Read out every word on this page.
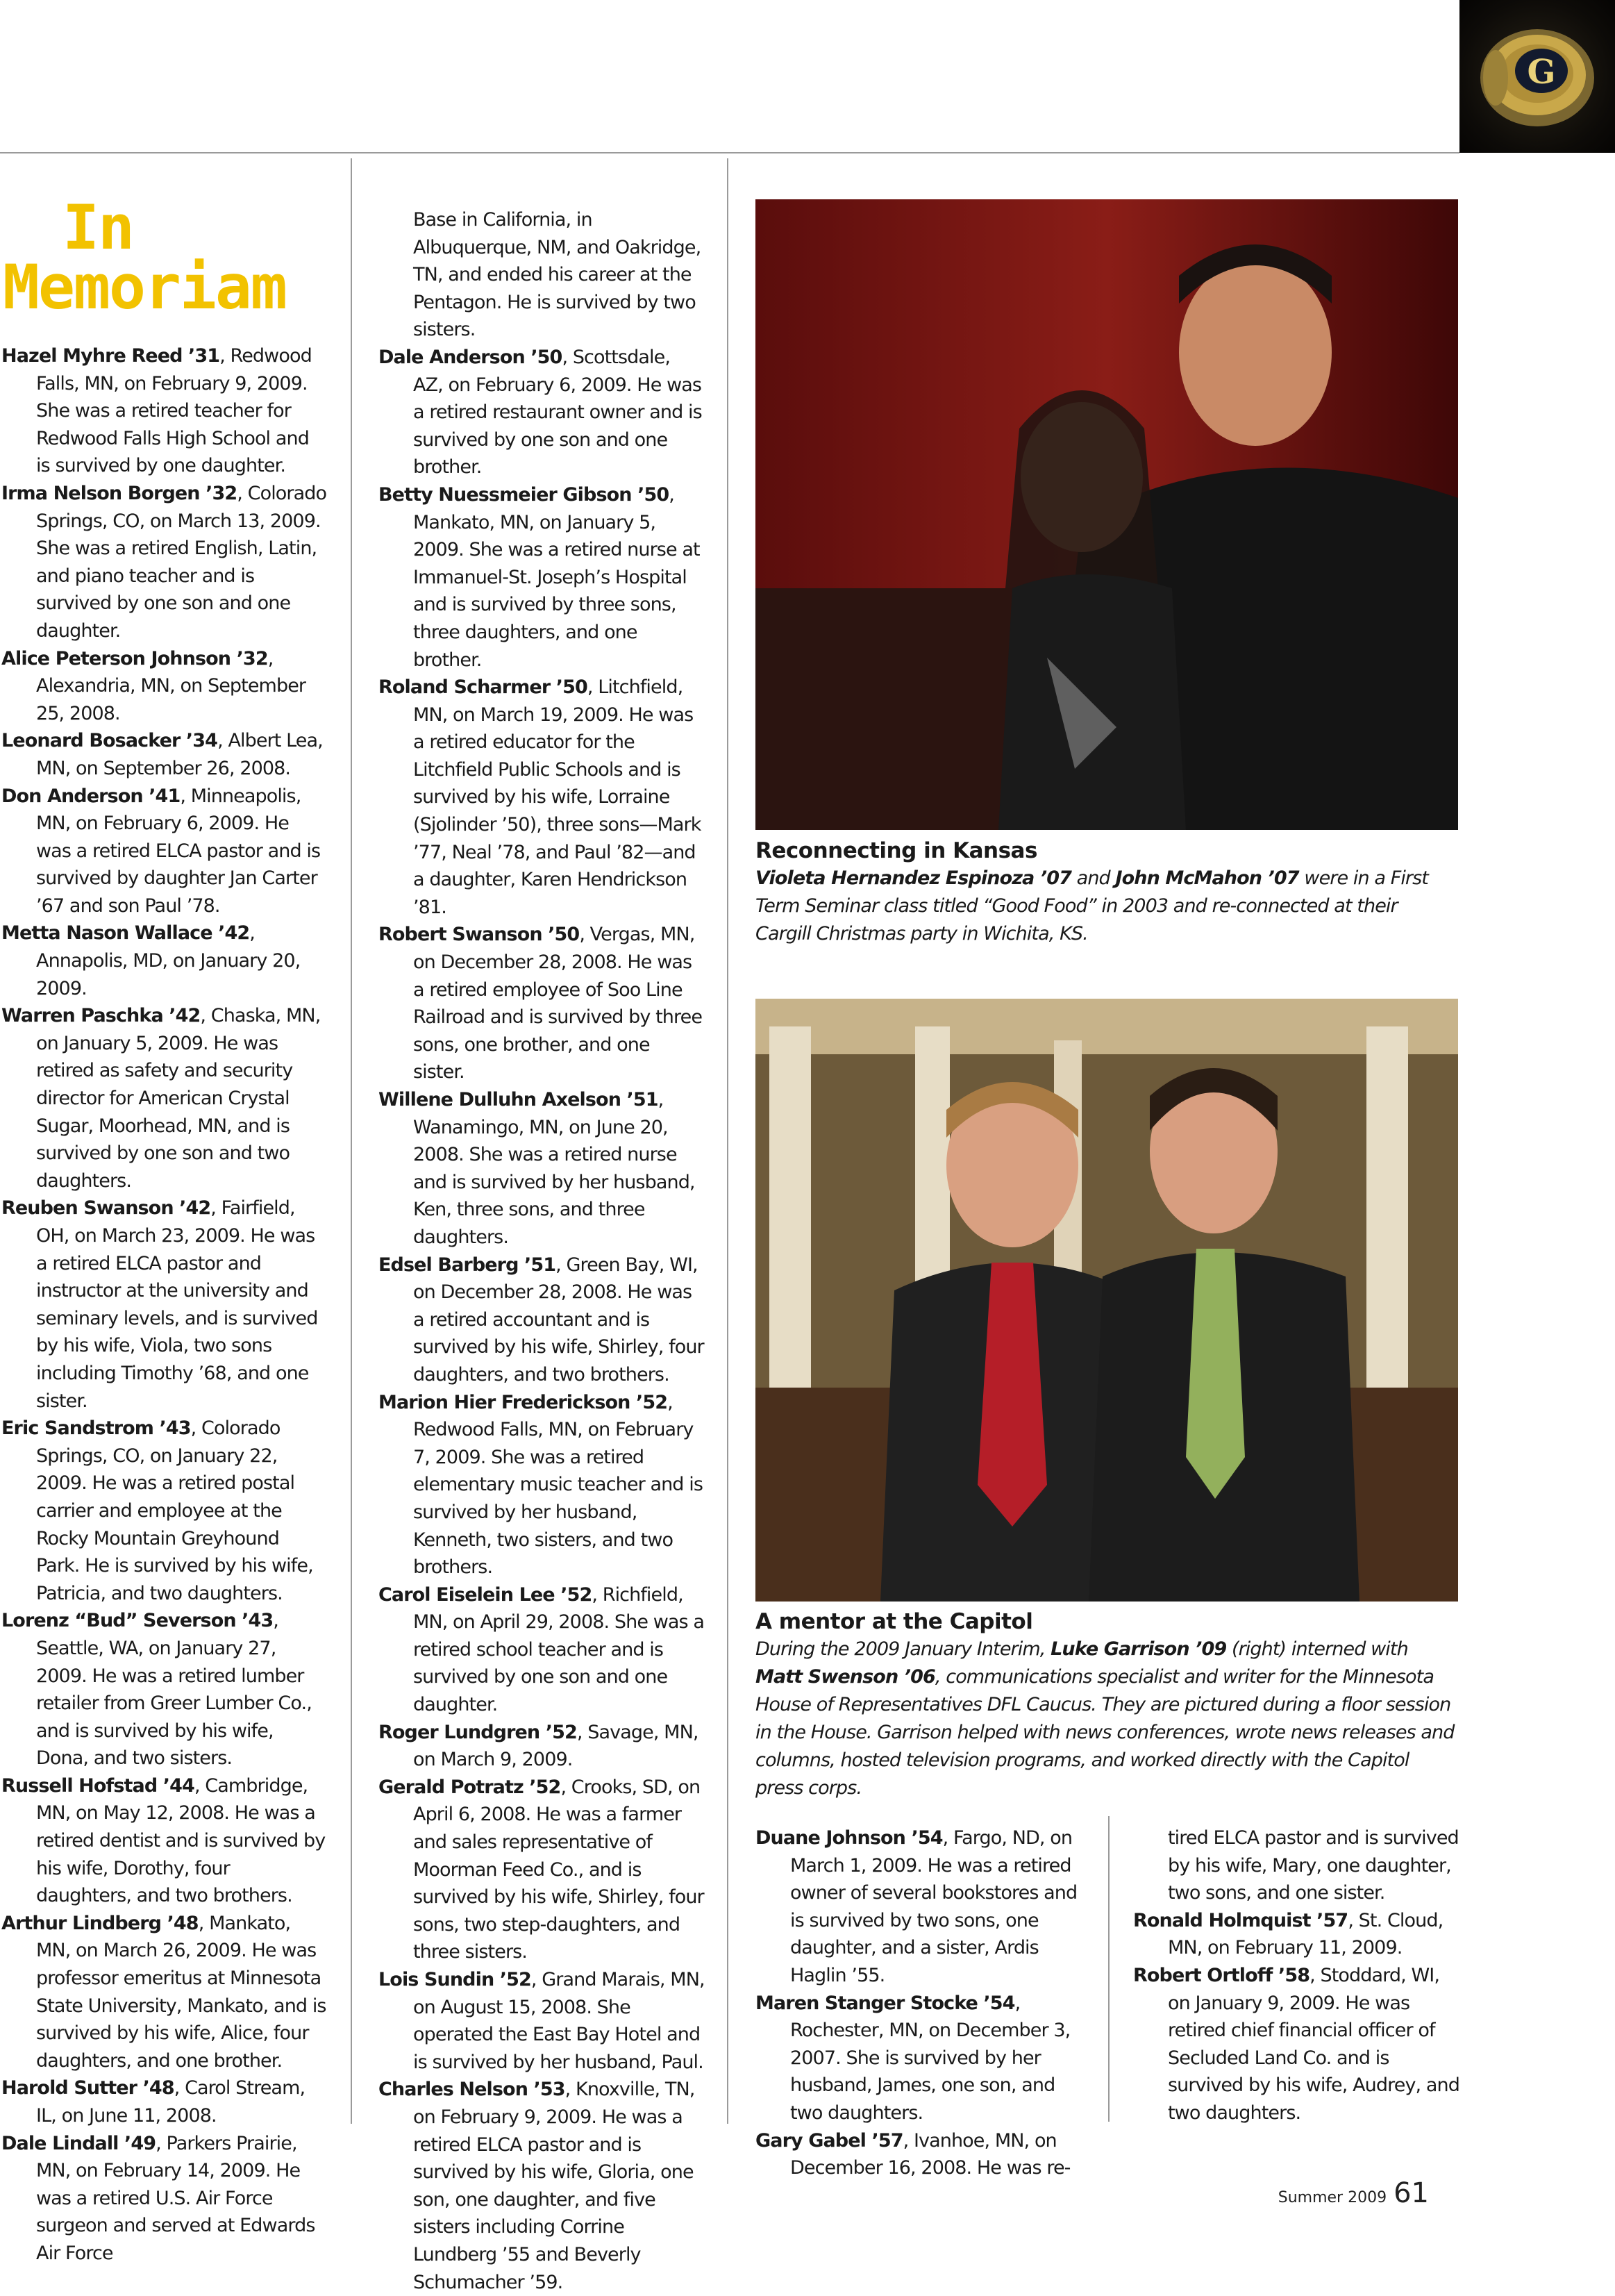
G
In
Memoriam

Hazel Myhre Reed ’31, Redwood Falls, MN, on February 9, 2009. She was a retired teacher for Redwood Falls High School and is survived by one daughter.

Irma Nelson Borgen ’32, Colorado Springs, CO, on March 13, 2009. She was a retired English, Latin, and piano teacher and is survived by one son and one daughter.

Alice Peterson Johnson ’32, Alexandria, MN, on September 25, 2008.

Leonard Bosacker ’34, Albert Lea, MN, on September 26, 2008.

Don Anderson ’41, Minneapolis, MN, on February 6, 2009. He was a retired ELCA pastor and is survived by daughter Jan Carter ’67 and son Paul ’78.

Metta Nason Wallace ’42, Annapolis, MD, on January 20, 2009.

Warren Paschka ’42, Chaska, MN, on January 5, 2009. He was retired as safety and security director for American Crystal Sugar, Moorhead, MN, and is survived by one son and two daughters.

Reuben Swanson ’42, Fairfield, OH, on March 23, 2009. He was a retired ELCA pastor and instructor at the university and seminary levels, and is survived by his wife, Viola, two sons including Timothy ’68, and one sister.

Eric Sandstrom ’43, Colorado Springs, CO, on January 22, 2009. He was a retired postal carrier and employee at the Rocky Mountain Greyhound Park. He is survived by his wife, Patricia, and two daughters.

Lorenz “Bud” Severson ’43, Seattle, WA, on January 27, 2009. He was a retired lumber retailer from Greer Lumber Co., and is survived by his wife, Dona, and two sisters.

Russell Hofstad ’44, Cambridge, MN, on May 12, 2008. He was a retired dentist and is survived by his wife, Dorothy, four daughters, and two brothers.

Arthur Lindberg ’48, Mankato, MN, on March 26, 2009. He was professor emeritus at Minnesota State University, Mankato, and is survived by his wife, Alice, four daughters, and one brother.

Harold Sutter ’48, Carol Stream, IL, on June 11, 2008.

Dale Lindall ’49, Parkers Prairie, MN, on February 14, 2009. He was a retired U.S. Air Force surgeon and served at Edwards Air Force

Base in California, in Albuquerque, NM, and Oakridge, TN, and ended his career at the Pentagon. He is survived by two sisters.

Dale Anderson ’50, Scottsdale, AZ, on February 6, 2009. He was a retired restaurant owner and is survived by one son and one brother.

Betty Nuessmeier Gibson ’50, Mankato, MN, on January 5, 2009. She was a retired nurse at Immanuel-St. Joseph’s Hospital and is survived by three sons, three daughters, and one brother.

Roland Scharmer ’50, Litchfield, MN, on March 19, 2009. He was a retired educator for the Litchfield Public Schools and is survived by his wife, Lorraine (Sjolinder ’50), three sons—Mark ’77, Neal ’78, and Paul ’82—and a daughter, Karen Hendrickson ’81.

Robert Swanson ’50, Vergas, MN, on December 28, 2008. He was a retired employee of Soo Line Railroad and is survived by three sons, one brother, and one sister.

Willene Dulluhn Axelson ’51, Wanamingo, MN, on June 20, 2008. She was a retired nurse and is survived by her husband, Ken, three sons, and three daughters.

Edsel Barberg ’51, Green Bay, WI, on December 28, 2008. He was a retired accountant and is survived by his wife, Shirley, four daughters, and two brothers.

Marion Hier Frederickson ’52, Redwood Falls, MN, on February 7, 2009. She was a retired elementary music teacher and is survived by her husband, Kenneth, two sisters, and two brothers.

Carol Eiselein Lee ’52, Richfield, MN, on April 29, 2008. She was a retired school teacher and is survived by one son and one daughter.

Roger Lundgren ’52, Savage, MN, on March 9, 2009.

Gerald Potratz ’52, Crooks, SD, on April 6, 2008. He was a farmer and sales representative of Moorman Feed Co., and is survived by his wife, Shirley, four sons, two step-daughters, and three sisters.

Lois Sundin ’52, Grand Marais, MN, on August 15, 2008. She operated the East Bay Hotel and is survived by her husband, Paul.

Charles Nelson ’53, Knoxville, TN, on February 9, 2009. He was a retired ELCA pastor and is survived by his wife, Gloria, one son, one daughter, and five sisters including Corrine Lundberg ’55 and Beverly Schumacher ’59.

Duane Johnson ’54, Fargo, ND, on March 1, 2009. He was a retired owner of several bookstores and is survived by two sons, one daughter, and a sister, Ardis Haglin ’55.

Maren Stanger Stocke ’54, Rochester, MN, on December 3, 2007. She is survived by her husband, James, one son, and two daughters.

Gary Gabel ’57, Ivanhoe, MN, on December 16, 2008. He was re-

tired ELCA pastor and is survived by his wife, Mary, one daughter, two sons, and one sister.

Ronald Holmquist ’57, St. Cloud, MN, on February 11, 2009.

Robert Ortloff ’58, Stoddard, WI, on January 9, 2009. He was retired chief financial officer of Secluded Land Co. and is survived by his wife, Audrey, and two daughters.

Reconnecting in Kansas
Violeta Hernandez Espinoza ’07 and John McMahon ’07 were in a First Term Seminar class titled “Good Food” in 2003 and re-connected at their Cargill Christmas party in Wichita, KS.
A mentor at the Capitol
During the 2009 January Interim, Luke Garrison ’09 (right) interned with Matt Swenson ’06, communications specialist and writer for the Minnesota House of Representatives DFL Caucus. They are pictured during a floor session in the House. Garrison helped with news conferences, wrote news releases and columns, hosted television programs, and worked directly with the Capitol press corps.
Summer 2009 61
